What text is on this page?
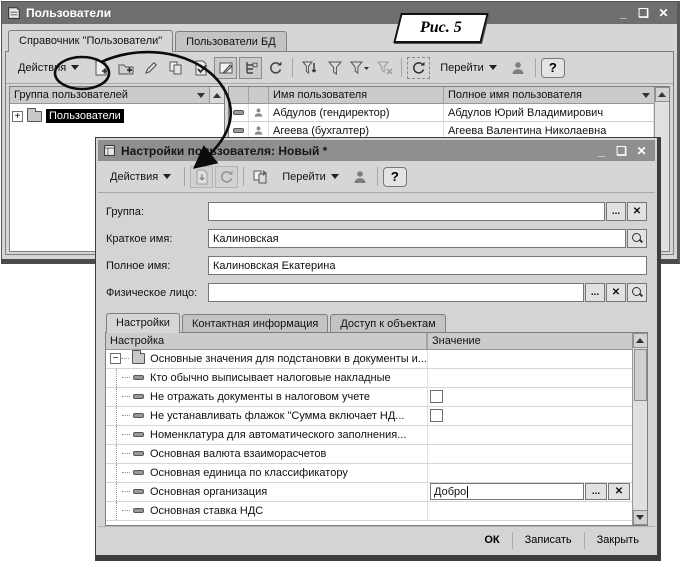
Пользователи	_ ❑ ✕
Справочник "Пользователи"	Пользователи БД
Действия	Перейти	?
Группа пользователей
+	Пользователи
Имя пользователя	Полное имя пользователя
Абдулов (гендиректор)	Абдулов Юрий Владимирович
Агеева (бухгалтер)	Агеева Валентина Николаевна
Настройки пользователя: Новый *	_ ❑ ✕
Действия	Перейти	?
Группа:	...	✕
Краткое имя:	Калиновская
Полное имя:	Калиновская Екатерина
Физическое лицо:	...	✕
Настройки	Контактная информация	Доступ к объектам
Настройка	Значение
−	Основные значения для подстановки в документы и...
Кто обычно выписывает налоговые накладные
Не отражать документы в налоговом учете
Не устанавливать флажок "Сумма включает НД...
Номенклатура для автоматического заполнения...
Основная валюта взаиморасчетов
Основная единица по классификатору
Основная организация	Добро	...	✕
Основная ставка НДС
ОК	Записать	Закрыть
Рис. 5
